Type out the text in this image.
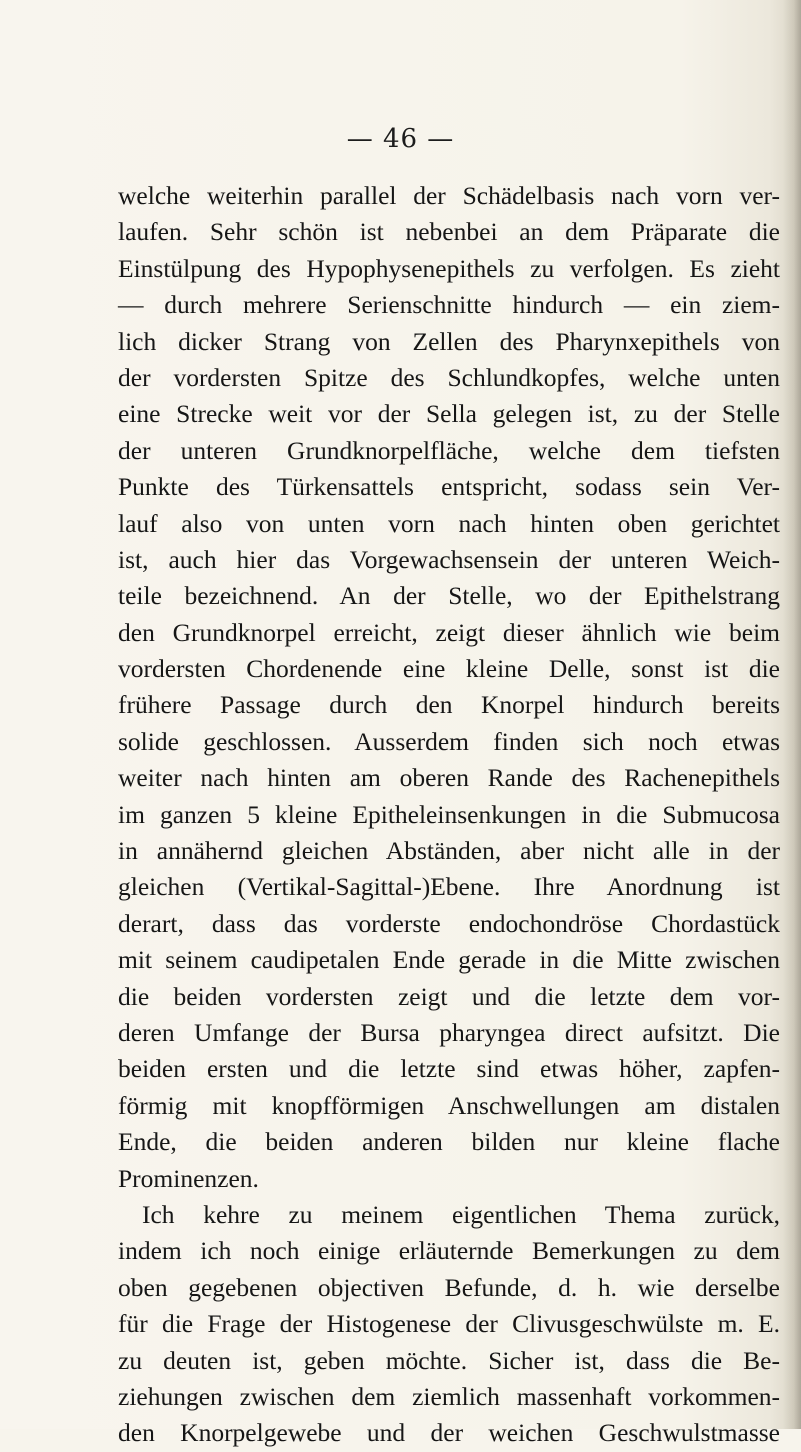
— 46 —
welche weiterhin parallel der Schädelbasis nach vorn ver-
laufen. Sehr schön ist nebenbei an dem Präparate die
Einstülpung des Hypophysenepithels zu verfolgen. Es zieht
— durch mehrere Serienschnitte hindurch — ein ziem-
lich dicker Strang von Zellen des Pharynxepithels von
der vordersten Spitze des Schlundkopfes, welche unten
eine Strecke weit vor der Sella gelegen ist, zu der Stelle
der unteren Grundknorpelfläche, welche dem tiefsten
Punkte des Türkensattels entspricht, sodass sein Ver-
lauf also von unten vorn nach hinten oben gerichtet
ist, auch hier das Vorgewachsensein der unteren Weich-
teile bezeichnend. An der Stelle, wo der Epithelstrang
den Grundknorpel erreicht, zeigt dieser ähnlich wie beim
vordersten Chordenende eine kleine Delle, sonst ist die
frühere Passage durch den Knorpel hindurch bereits
solide geschlossen. Ausserdem finden sich noch etwas
weiter nach hinten am oberen Rande des Rachenepithels
im ganzen 5 kleine Epitheleinsenkungen in die Submucosa
in annähernd gleichen Abständen, aber nicht alle in der
gleichen (Vertikal-Sagittal-)Ebene. Ihre Anordnung ist
derart, dass das vorderste endochondröse Chordastück
mit seinem caudipetalen Ende gerade in die Mitte zwischen
die beiden vordersten zeigt und die letzte dem vor-
deren Umfange der Bursa pharyngea direct aufsitzt. Die
beiden ersten und die letzte sind etwas höher, zapfen-
förmig mit knopfförmigen Anschwellungen am distalen
Ende, die beiden anderen bilden nur kleine flache
Prominenzen.
Ich kehre zu meinem eigentlichen Thema zurück,
indem ich noch einige erläuternde Bemerkungen zu dem
oben gegebenen objectiven Befunde, d. h. wie derselbe
für die Frage der Histogenese der Clivusgeschwülste m. E.
zu deuten ist, geben möchte. Sicher ist, dass die Be-
ziehungen zwischen dem ziemlich massenhaft vorkommen-
den Knorpelgewebe und der weichen Geschwulstmasse
